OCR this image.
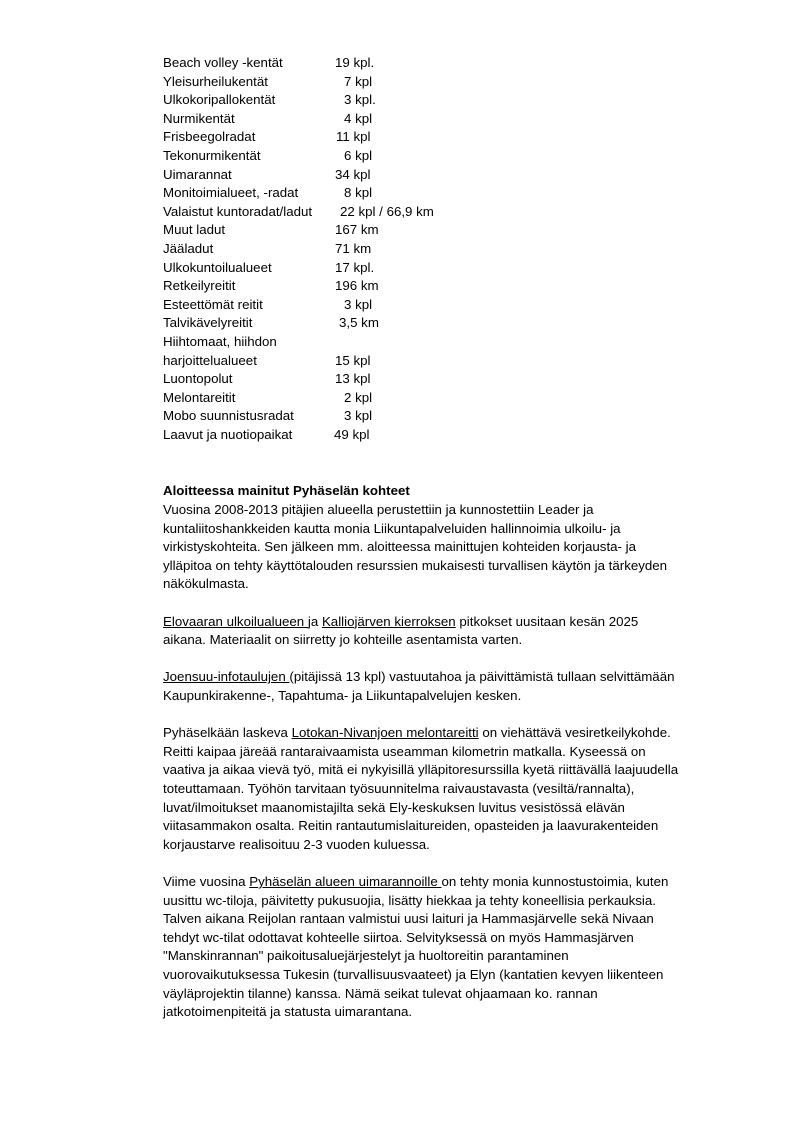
Beach volley -kentät	19 kpl.
Yleisurheilukentät	7 kpl
Ulkokoripallokentät	3 kpl.
Nurmikentät	4 kpl
Frisbeegolradat	11 kpl
Tekonurmikentät	6 kpl
Uimarannat	34 kpl
Monitoimialueet, -radat	8 kpl
Valaistut kuntoradat/ladut 22 kpl / 66,9 km
Muut ladut	167 km
Jääladut	71 km
Ulkokuntoilualueet	17 kpl.
Retkeilyreitit	196 km
Esteettömät reitit	3 kpl
Talvikävelyreitit	3,5 km
Hiihtomaat, hiihdon
harjoittelualueet	15 kpl
Luontopolut	13 kpl
Melontareitit	2 kpl
Mobo suunnistusradat	3 kpl
Laavut ja nuotiopaikat	49 kpl
Aloitteessa mainitut Pyhäselän kohteet
Vuosina 2008-2013 pitäjien alueella perustettiin ja kunnostettiin Leader ja
kuntaliitoshankkeiden kautta monia Liikuntapalveluiden hallinnoimia ulkoilu- ja
virkistyskohteita. Sen jälkeen mm. aloitteessa mainittujen kohteiden korjausta- ja
ylläpitoa on tehty käyttötalouden resurssien mukaisesti turvallisen käytön ja tärkeyden
näkökulmasta.
Elovaaran ulkoilualueen ja Kalliojärven kierroksen pitkokset uusitaan kesän 2025
aikana. Materiaalit on siirretty jo kohteille asentamista varten.
Joensuu-infotaulujen (pitäjissä 13 kpl) vastuutahoa ja päivittämistä tullaan selvittämään
Kaupunkirakenne-, Tapahtuma- ja Liikuntapalvelujen kesken.
Pyhäselkään laskeva Lotokan-Nivanjoen melontareitti on viehättävä vesiretkeilykohde.
Reitti kaipaa järeää rantaraivaamista useamman kilometrin matkalla. Kyseessä on
vaativa ja aikaa vievä työ, mitä ei nykyisillä ylläpitoresurssilla kyetä riittävällä laajuudella
toteuttamaan. Työhön tarvitaan työsuunnitelma raivaustavasta (vesiltä/rannalta),
luvat/ilmoitukset maanomistajilta sekä Ely-keskuksen luvitus vesistössä elävän
viitasammakon osalta. Reitin rantautumislaitureiden, opasteiden ja laavurakenteiden
korjaustarve realisoituu 2-3 vuoden kuluessa.
Viime vuosina Pyhäselän alueen uimarannoille on tehty monia kunnostustoimia, kuten
uusittu wc-tiloja, päivitetty pukusuojia, lisätty hiekkaa ja tehty koneellisia perkauksia.
Talven aikana Reijolan rantaan valmistui uusi laituri ja Hammasjärvelle sekä Nivaan
tehdyt wc-tilat odottavat kohteelle siirtoa. Selvityksessä on myös Hammasjärven
"Manskinrannan" paikoitusaluejärjestelyt ja huoltoreitin parantaminen
vuorovaikutuksessa Tukesin (turvallisuusvaateet) ja Elyn (kantatien kevyen liikenteen
väyläprojektin tilanne) kanssa. Nämä seikat tulevat ohjaamaan ko. rannan
jatkotoimenpiteitä ja statusta uimarantana.
